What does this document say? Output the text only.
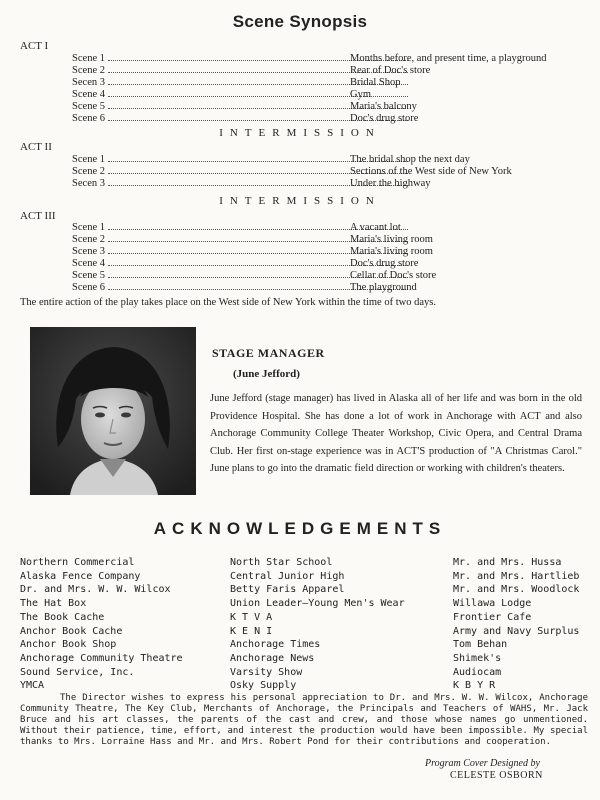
Scene Synopsis
ACT I
Scene 1	Months before, and present time, a playground
Scene 2	Rear of Doc's store
Secen 3	Bridal Shop
Scene 4	Gym
Scene 5	Maria's balcony
Scene 6	Doc's drug store
INTERMISSION
ACT II
Scene 1	The bridal shop the next day
Scene 2	Sections of the West side of New York
Secen 3	Under the highway
INTERMISSION
ACT III
Scene 1	A vacant lot
Scene 2	Maria's living room
Scene 3	Maria's living room
Scene 4	Doc's drug store
Scene 5	Cellar of Doc's store
Scene 6	The playground
The entire action of the play takes place on the West side of New York within the time of two days.
STAGE MANAGER
(June Jefford)
June Jefford (stage manager) has lived in Alaska all of her life and was born in the old Providence Hospital. She has done a lot of work in Anchorage with ACT and also Anchorage Community College Theater Workshop, Civic Opera, and Central Drama Club. Her first on-stage experience was in ACT'S production of "A Christmas Carol." June plans to go into the dramatic field direction or working with children's theaters.
ACKNOWLEDGEMENTS
Northern Commercial
Alaska Fence Company
Dr. and Mrs. W. W. Wilcox
The Hat Box
The Book Cache
Anchor Book Cache
Anchor Book Shop
Anchorage Community Theatre
Sound Service, Inc.
YMCA
North Star School
Central Junior High
Betty Faris Apparel
Union Leader—Young Men's Wear
K T V A
K E N I
Anchorage Times
Anchorage News
Varsity Show
Osky Supply
Mr. and Mrs. Hussa
Mr. and Mrs. Hartlieb
Mr. and Mrs. Woodlock
Willawa Lodge
Frontier Cafe
Army and Navy Surplus
Tom Behan
Shimek's
Audiocam
K B Y R
The Director wishes to express his personal appreciation to Dr. and Mrs. W. W. Wilcox, Anchorage Community Theatre, The Key Club, Merchants of Anchorage, the Principals and Teachers of WAHS, Mr. Jack Bruce and his art classes, the parents of the cast and crew, and those whose names go unmentioned. Without their patience, time, effort, and interest the production would have been impossible. My special thanks to Mrs. Lorraine Hass and Mr. and Mrs. Robert Pond for their contributions and cooperation.
Program Cover Designed by
CELESTE OSBORN
